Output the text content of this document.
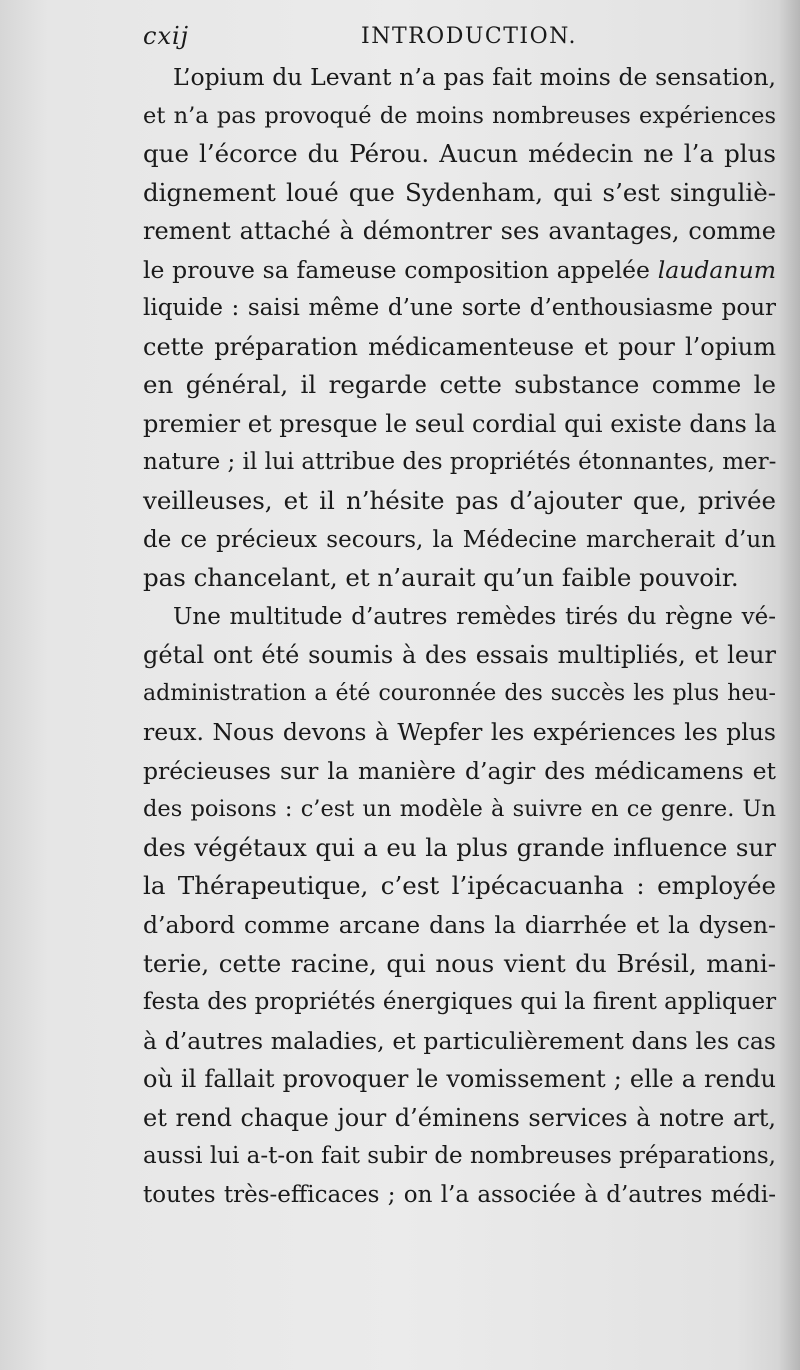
cxij	INTRODUCTION.
L’opium du Levant n’a pas fait moins de sensation,
et n’a pas provoqué de moins nombreuses expériences
que l’écorce du Pérou. Aucun médecin ne l’a plus
dignement loué que Sydenham, qui s’est singuliè-
rement attaché à démontrer ses avantages, comme
le prouve sa fameuse composition appelée laudanum
liquide : saisi même d’une sorte d’enthousiasme pour
cette préparation médicamenteuse et pour l’opium
en général, il regarde cette substance comme le
premier et presque le seul cordial qui existe dans la
nature ; il lui attribue des propriétés étonnantes, mer-
veilleuses, et il n’hésite pas d’ajouter que, privée
de ce précieux secours, la Médecine marcherait d’un
pas chancelant, et n’aurait qu’un faible pouvoir.
Une multitude d’autres remèdes tirés du règne vé-
gétal ont été soumis à des essais multipliés, et leur
administration a été couronnée des succès les plus heu-
reux. Nous devons à Wepfer les expériences les plus
précieuses sur la manière d’agir des médicamens et
des poisons : c’est un modèle à suivre en ce genre. Un
des végétaux qui a eu la plus grande influence sur
la Thérapeutique, c’est l’ipécacuanha : employée
d’abord comme arcane dans la diarrhée et la dysen-
terie, cette racine, qui nous vient du Brésil, mani-
festa des propriétés énergiques qui la firent appliquer
à d’autres maladies, et particulièrement dans les cas
où il fallait provoquer le vomissement ; elle a rendu
et rend chaque jour d’éminens services à notre art,
aussi lui a-t-on fait subir de nombreuses préparations,
toutes très-efficaces ; on l’a associée à d’autres médi-
